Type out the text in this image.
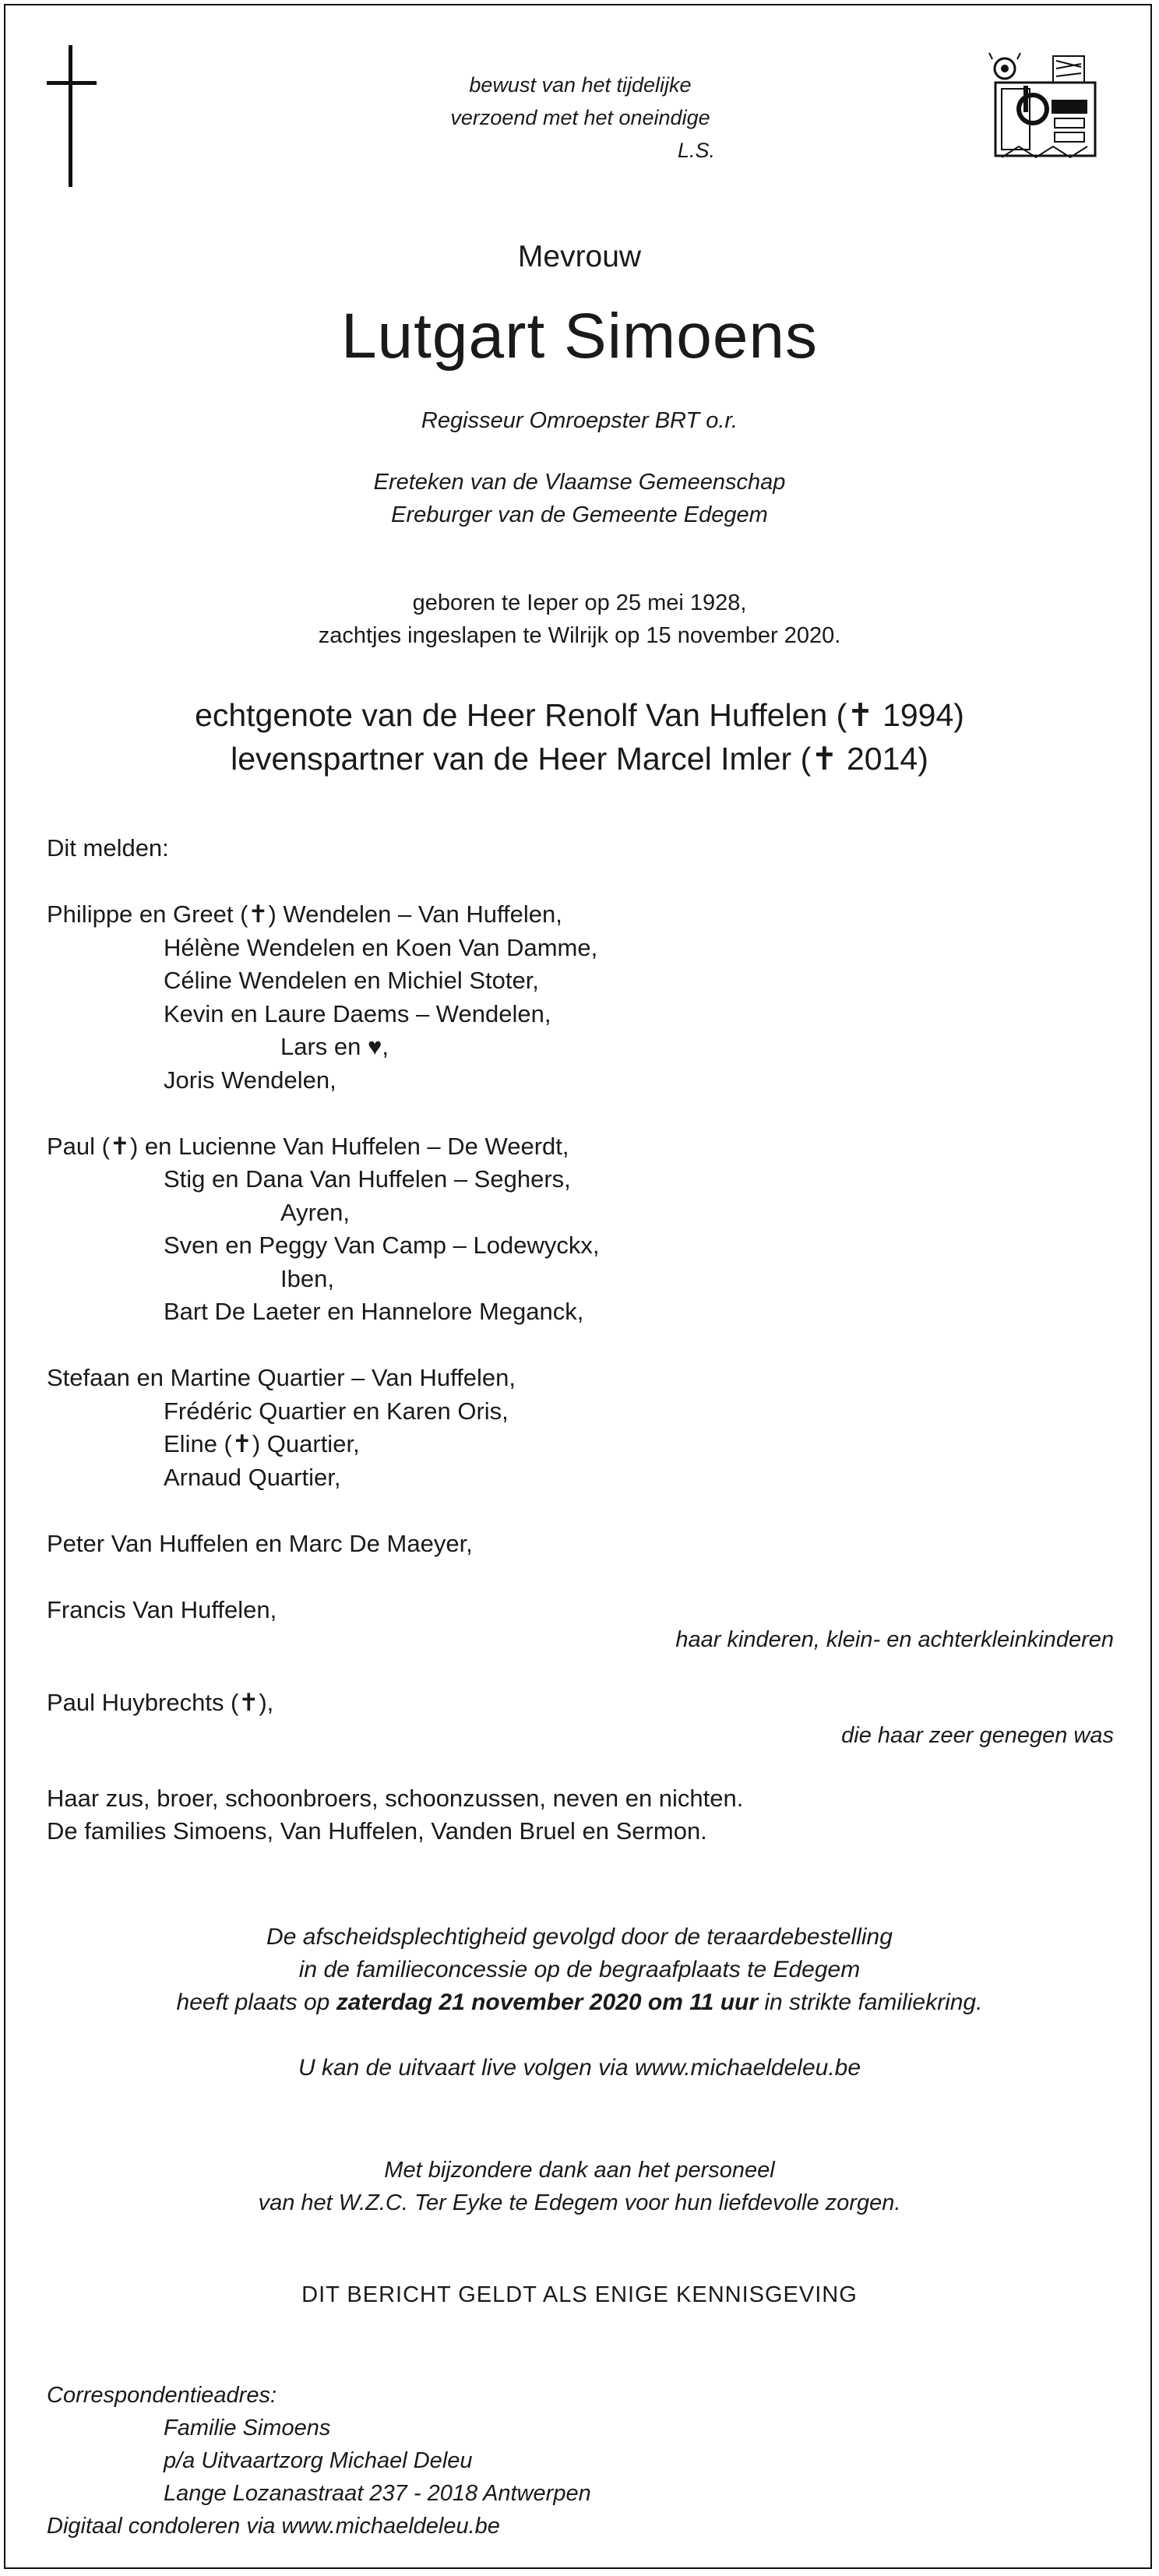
bewust van het tijdelijke
verzoend met het oneindige
L.S.
Mevrouw
Lutgart Simoens
Regisseur Omroepster BRT o.r.
Ereteken van de Vlaamse Gemeenschap
Ereburger van de Gemeente Edegem
geboren te Ieper op 25 mei 1928,
zachtjes ingeslapen te Wilrijk op 15 november 2020.
echtgenote van de Heer Renolf Van Huffelen (✝ 1994)
levenspartner van de Heer Marcel Imler (✝ 2014)
Dit melden:
Philippe en Greet (✝) Wendelen – Van Huffelen,
Hélène Wendelen en Koen Van Damme,
Céline Wendelen en Michiel Stoter,
Kevin en Laure Daems – Wendelen,
Lars en ♥,
Joris Wendelen,
Paul (✝) en Lucienne Van Huffelen – De Weerdt,
Stig en Dana Van Huffelen – Seghers,
Ayren,
Sven en Peggy Van Camp – Lodewyckx,
Iben,
Bart De Laeter en Hannelore Meganck,
Stefaan en Martine Quartier – Van Huffelen,
Frédéric Quartier en Karen Oris,
Eline (✝) Quartier,
Arnaud Quartier,
Peter Van Huffelen en Marc De Maeyer,
Francis Van Huffelen,
haar kinderen, klein- en achterkleinkinderen
Paul Huybrechts (✝),
die haar zeer genegen was
Haar zus, broer, schoonbroers, schoonzussen, neven en nichten.
De families Simoens, Van Huffelen, Vanden Bruel en Sermon.
De afscheidsplechtigheid gevolgd door de teraardebestelling
in de familieconcessie op de begraafplaats te Edegem
heeft plaats op zaterdag 21 november 2020 om 11 uur in strikte familiekring.
U kan de uitvaart live volgen via www.michaeldeleu.be
Met bijzondere dank aan het personeel
van het W.Z.C. Ter Eyke te Edegem voor hun liefdevolle zorgen.
DIT BERICHT GELDT ALS ENIGE KENNISGEVING
Correspondentieadres:
Familie Simoens
p/a Uitvaartzorg Michael Deleu
Lange Lozanastraat 237 - 2018 Antwerpen
Digitaal condoleren via www.michaeldeleu.be
